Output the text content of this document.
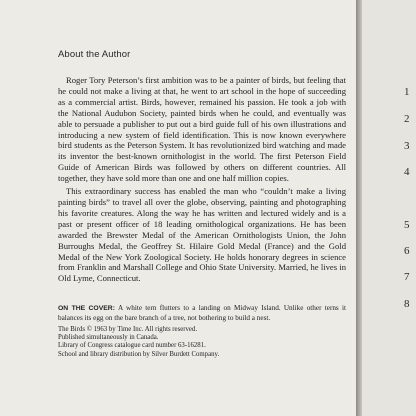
About the Author

Roger Tory Peterson’s first ambition was to be a painter of birds, but feeling that he could not make a living at that, he went to art school in the hope of succeeding as a commercial artist. Birds, however, remained his passion. He took a job with the National Audubon Society, painted birds when he could, and eventually was able to persuade a publisher to put out a bird guide full of his own illustrations and introducing a new system of field identification. This is now known everywhere bird students as the Peterson System. It has revolutionized bird watching and made its inventor the best-known ornithologist in the world. The first Peterson Field Guide of American Birds was followed by others on different countries. All together, they have sold more than one and one half million copies.

This extraordinary success has enabled the man who “couldn’t make a living painting birds” to travel all over the globe, observing, painting and photographing his favorite creatures. Along the way he has written and lectured widely and is a past or present officer of 18 leading ornithological organizations. He has been awarded the Brewster Medal of the American Ornithologists Union, the John Burroughs Medal, the Geoffrey St. Hilaire Gold Medal (France) and the Gold Medal of the New York Zoological Society. He holds honorary degrees in science from Franklin and Marshall College and Ohio State University. Married, he lives in Old Lyme, Connecticut.

ON THE COVER: A white tern flutters to a landing on Midway Island. Unlike other terns it balances its egg on the bare branch of a tree, not bothering to build a nest.
The Birds © 1963 by Time Inc. All rights reserved.
Published simultaneously in Canada.
Library of Congress catalogue card number 63-16281.
School and library distribution by Silver Burdett Company.
1
2
3
4
5
6
7
8
